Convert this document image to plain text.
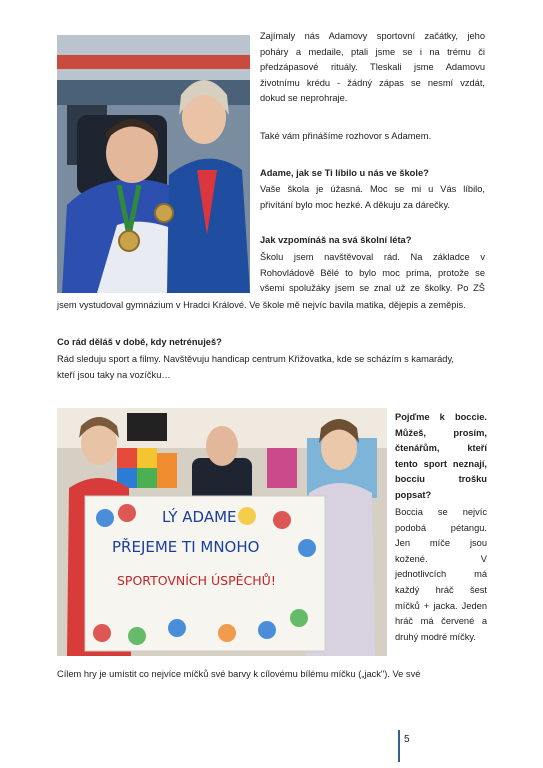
Zajímaly nás Adamovy sportovní začátky, jeho
poháry a medaile, ptali jsme se i na trému či
předzápasové rituály. Tleskali jsme Adamovu
životnímu krédu - žádný zápas se nesmí vzdát,
dokud se neprohraje.
Také vám přinášíme rozhovor s Adamem.
Adame, jak se Ti líbilo u nás ve škole?
Vaše škola je úžasná. Moc se mi u Vás líbilo,
přivítání bylo moc hezké. A děkuju za dárečky.
Jak vzpomínáš na svá školní léta?
Školu jsem navštěvoval rád. Na základce v
Rohovládově Bělé to bylo moc prima, protože se
všemi spolužáky jsem se znal už ze školky. Po ZŠ
jsem vystudoval gymnázium v Hradci Králové. Ve škole mě nejvíc bavila matika, dějepis a zeměpis.
Co rád děláš v době, kdy netrénuješ?
Rád sleduju sport a filmy. Navštěvuju handicap centrum Křižovatka, kde se scházím s kamarády,
kteří jsou taky na vozíčku…
LÝ ADAME
PŘEJEME TI MNOHO
SPORTOVNÍCH ÚSPĚCHŮ!
Pojďme k boccie.
Můžeš, prosím,
čtenářům, kteří
tento sport neznají,
bocciu trošku
popsat?
Boccia se nejvíc
podobá pétangu.
Jen míče jsou
kožené. V
jednotlivcích má
každý hráč šest
míčků + jacka. Jeden
hráč má červené a
druhý modré míčky.
Cílem hry je umístit co nejvíce míčků své barvy k cílovému bílému míčku („jack"). Ve své
5
